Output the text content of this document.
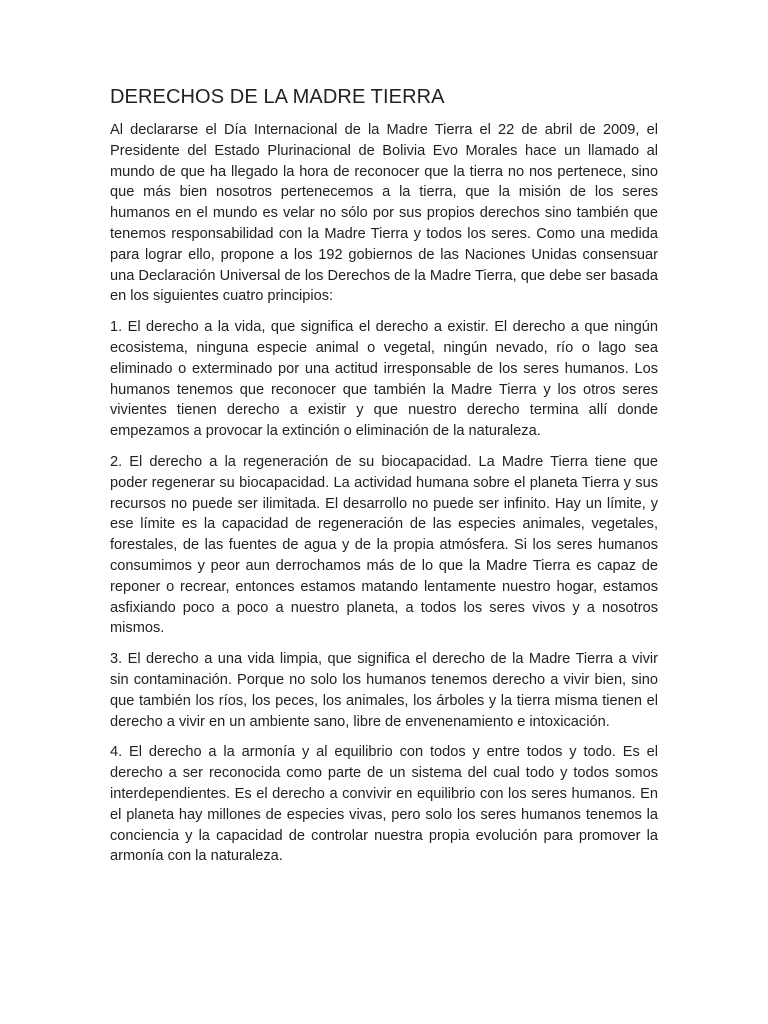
DERECHOS DE LA MADRE TIERRA

Al declararse el Día Internacional de la Madre Tierra el 22 de abril de 2009, el Presidente del Estado Plurinacional de Bolivia Evo Morales hace un llamado al mundo de que ha llegado la hora de reconocer que la tierra no nos pertenece, sino que más bien nosotros pertenecemos a la tierra, que la misión de los seres humanos en el mundo es velar no sólo por sus propios derechos sino también que tenemos responsabilidad con la Madre Tierra y todos los seres. Como una medida para lograr ello, propone a los 192 gobiernos de las Naciones Unidas consensuar una Declaración Universal de los Derechos de la Madre Tierra, que debe ser basada en los siguientes cuatro principios:

1. El derecho a la vida, que significa el derecho a existir. El derecho a que ningún ecosistema, ninguna especie animal o vegetal, ningún nevado, río o lago sea eliminado o exterminado por una actitud irresponsable de los seres humanos. Los humanos tenemos que reconocer que también la Madre Tierra y los otros seres vivientes tienen derecho a existir y que nuestro derecho termina allí donde empezamos a provocar la extinción o eliminación de la naturaleza.

2. El derecho a la regeneración de su biocapacidad. La Madre Tierra tiene que poder regenerar su biocapacidad. La actividad humana sobre el planeta Tierra y sus recursos no puede ser ilimitada. El desarrollo no puede ser infinito. Hay un límite, y ese límite es la capacidad de regeneración de las especies animales, vegetales, forestales, de las fuentes de agua y de la propia atmósfera. Si los seres humanos consumimos y peor aun derrochamos más de lo que la Madre Tierra es capaz de reponer o recrear, entonces estamos matando lentamente nuestro hogar, estamos asfixiando poco a poco a nuestro planeta, a todos los seres vivos y a nosotros mismos.

3. El derecho a una vida limpia, que significa el derecho de la Madre Tierra a vivir sin contaminación. Porque no solo los humanos tenemos derecho a vivir bien, sino que también los ríos, los peces, los animales, los árboles y la tierra misma tienen el derecho a vivir en un ambiente sano, libre de envenenamiento e intoxicación.

4. El derecho a la armonía y al equilibrio con todos y entre todos y todo. Es el derecho a ser reconocida como parte de un sistema del cual todo y todos somos interdependientes. Es el derecho a convivir en equilibrio con los seres humanos. En el planeta hay millones de especies vivas, pero solo los seres humanos tenemos la conciencia y la capacidad de controlar nuestra propia evolución para promover la armonía con la naturaleza.
